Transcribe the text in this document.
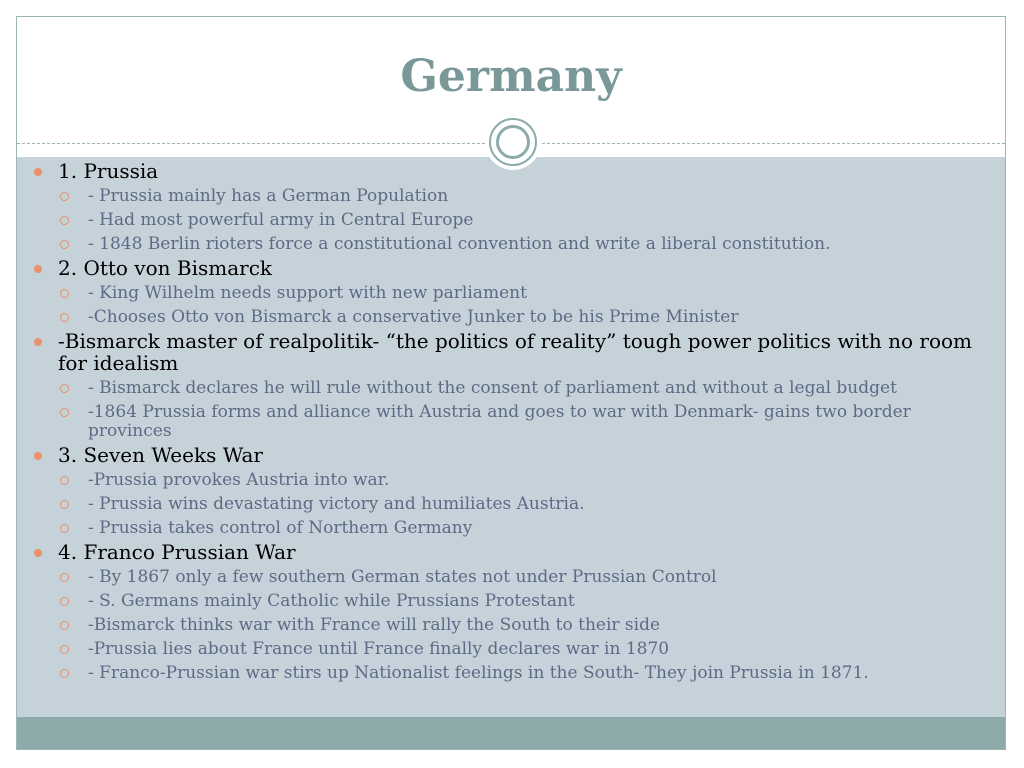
Germany
1. Prussia
- Prussia mainly has a German Population
- Had most powerful army in Central Europe
- 1848 Berlin rioters force a constitutional convention and write a liberal constitution.
2. Otto von Bismarck
- King Wilhelm needs support with new parliament
-Chooses Otto von Bismarck a conservative Junker to be his Prime Minister
-Bismarck master of realpolitik- “the politics of reality” tough power politics with no room for idealism
- Bismarck declares he will rule without the consent of parliament and without a legal budget
-1864 Prussia forms and alliance with Austria and goes to war with Denmark- gains two border provinces
3. Seven Weeks War
-Prussia provokes Austria into war.
- Prussia wins devastating victory and humiliates Austria.
- Prussia takes control of Northern Germany
4. Franco Prussian War
- By 1867 only a few southern German states not under Prussian Control
- S. Germans mainly Catholic while Prussians Protestant
-Bismarck thinks war with France will rally the South to their side
-Prussia lies about France until France finally declares war in 1870
- Franco-Prussian war stirs up Nationalist feelings in the South- They join Prussia in 1871.
